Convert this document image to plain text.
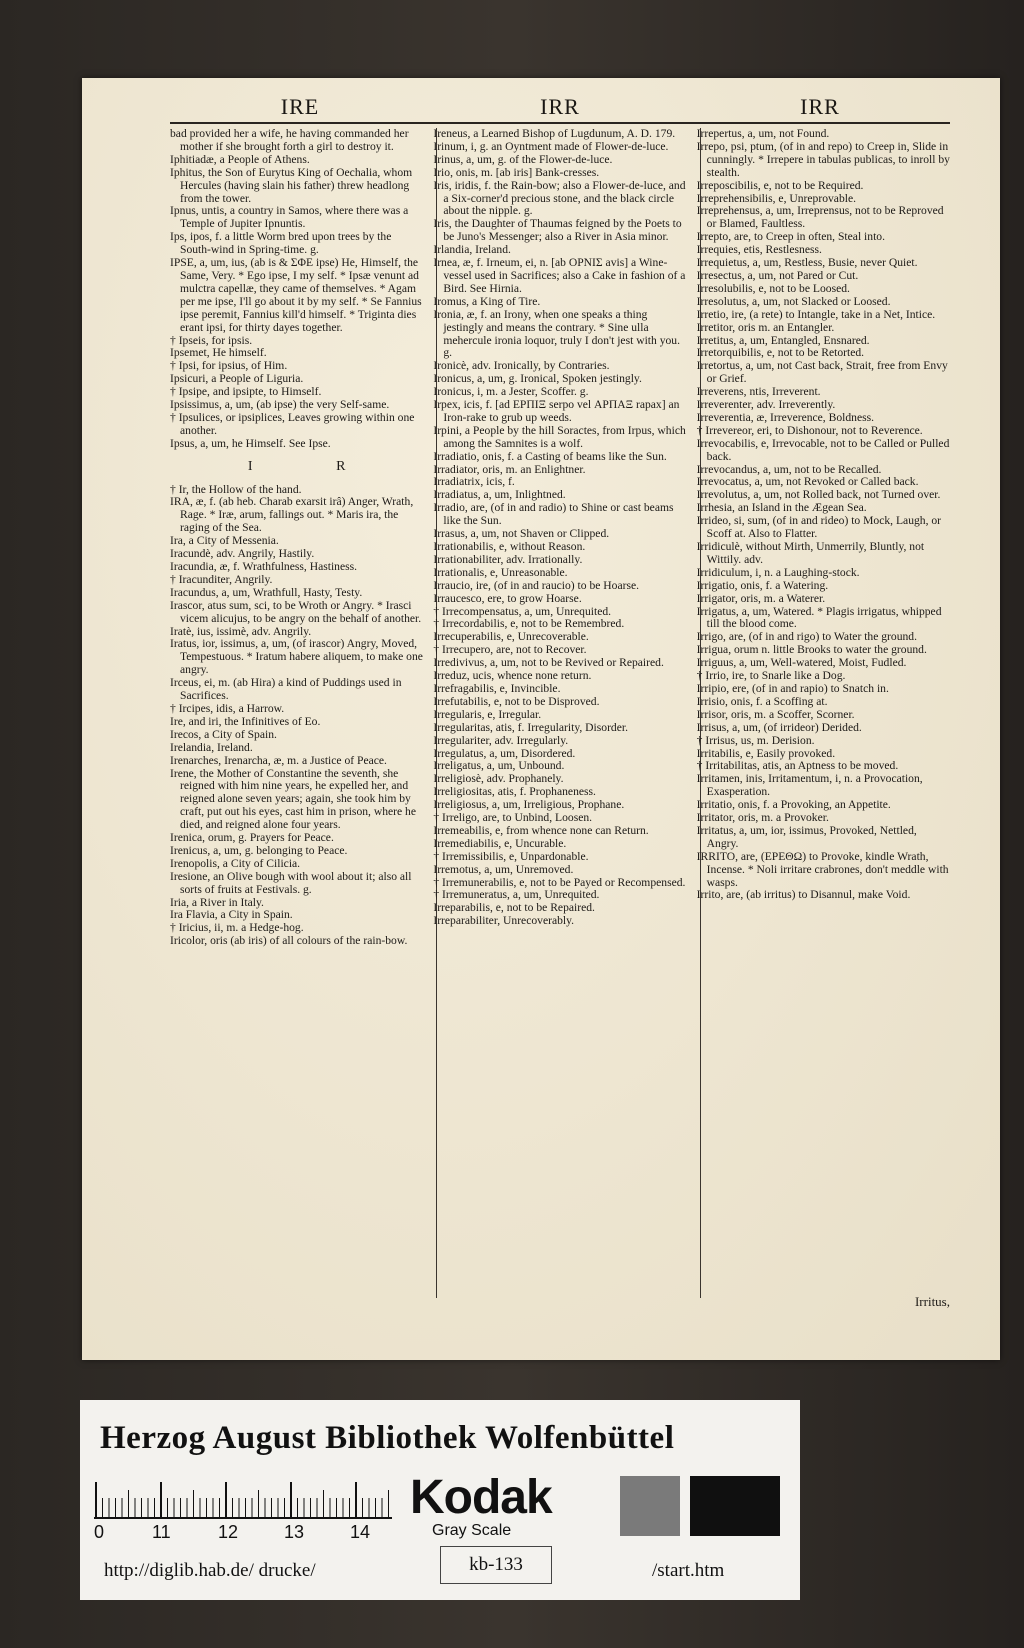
IRE	IRR	IRR

bad provided her a wife, he having commanded her mother if she brought forth a girl to destroy it.

Iphitiadæ, a People of Athens.

Iphitus, the Son of Eurytus King of Oechalia, whom Hercules (having slain his father) threw headlong from the tower.

Ipnus, untis, a country in Samos, where there was a Temple of Jupiter Ipnuntis.

Ips, ipos, f. a little Worm bred upon trees by the South-wind in Spring-time. g.

IPSE, a, um, ius, (ab is & ΣΦΕ ipse) He, Himself, the Same, Very. * Ego ipse, I my self. * Ipsæ venunt ad mulctra capellæ, they came of themselves. * Agam per me ipse, I'll go about it by my self. * Se Fannius ipse peremit, Fannius kill'd himself. * Triginta dies erant ipsi, for thirty dayes together.

† Ipseis, for ipsis.

Ipsemet, He himself.

† Ipsi, for ipsius, of Him.

Ipsicuri, a People of Liguria.

† Ipsipe, and ipsipte, to Himself.

Ipsissimus, a, um, (ab ipse) the very Self-same.

† Ipsulices, or ipsiplices, Leaves growing within one another.

Ipsus, a, um, he Himself. See Ipse.

I R

† Ir, the Hollow of the hand.

IRA, æ, f. (ab heb. Charab exarsit irâ) Anger, Wrath, Rage. * Iræ, arum, fallings out. * Maris ira, the raging of the Sea.

Ira, a City of Messenia.

Iracundè, adv. Angrily, Hastily.

Iracundia, æ, f. Wrathfulness, Hastiness.

† Iracunditer, Angrily.

Iracundus, a, um, Wrathfull, Hasty, Testy.

Irascor, atus sum, sci, to be Wroth or Angry. * Irasci vicem alicujus, to be angry on the behalf of another.

Iratè, ius, issimè, adv. Angrily.

Iratus, ior, issimus, a, um, (of irascor) Angry, Moved, Tempestuous. * Iratum habere aliquem, to make one angry.

Irceus, ei, m. (ab Hira) a kind of Puddings used in Sacrifices.

† Ircipes, idis, a Harrow.

Ire, and iri, the Infinitives of Eo.

Irecos, a City of Spain.

Irelandia, Ireland.

Irenarches, Irenarcha, æ, m. a Justice of Peace.

Irene, the Mother of Constantine the seventh, she reigned with him nine years, he expelled her, and reigned alone seven years; again, she took him by craft, put out his eyes, cast him in prison, where he died, and reigned alone four years.

Irenica, orum, g. Prayers for Peace.

Irenicus, a, um, g. belonging to Peace.

Irenopolis, a City of Cilicia.

Iresione, an Olive bough with wool about it; also all sorts of fruits at Festivals. g.

Iria, a River in Italy.

Ira Flavia, a City in Spain.

† Iricius, ii, m. a Hedge-hog.

Iricolor, oris (ab iris) of all colours of the rain-bow.

Ireneus, a Learned Bishop of Lugdunum, A. D. 179.

Irinum, i, g. an Oyntment made of Flower-de-luce.

Irinus, a, um, g. of the Flower-de-luce.

Irio, onis, m. [ab iris] Bank-cresses.

Iris, iridis, f. the Rain-bow; also a Flower-de-luce, and a Six-corner'd precious stone, and the black circle about the nipple. g.

Iris, the Daughter of Thaumas feigned by the Poets to be Juno's Messenger; also a River in Asia minor.

Irlandia, Ireland.

Irnea, æ, f. Irneum, ei, n. [ab ΟΡΝΙΣ avis] a Wine-vessel used in Sacrifices; also a Cake in fashion of a Bird. See Hirnia.

Iromus, a King of Tire.

Ironia, æ, f. an Irony, when one speaks a thing jestingly and means the contrary. * Sine ulla mehercule ironia loquor, truly I don't jest with you. g.

Ironicè, adv. Ironically, by Contraries.

Ironicus, a, um, g. Ironical, Spoken jestingly.

Ironicus, i, m. a Jester, Scoffer. g.

Irpex, icis, f. [ad ΕΡΠΙΞ serpo vel ΑΡΠΑΞ rapax] an Iron-rake to grub up weeds.

Irpini, a People by the hill Soractes, from Irpus, which among the Samnites is a wolf.

Irradiatio, onis, f. a Casting of beams like the Sun.

Irradiator, oris, m. an Enlightner.

Irradiatrix, icis, f.

Irradiatus, a, um, Inlightned.

Irradio, are, (of in and radio) to Shine or cast beams like the Sun.

Irrasus, a, um, not Shaven or Clipped.

Irrationabilis, e, without Reason.

Irrationabiliter, adv. Irrationally.

Irrationalis, e, Unreasonable.

Irraucio, ire, (of in and raucio) to be Hoarse.

Irraucesco, ere, to grow Hoarse.

† Irrecompensatus, a, um, Unrequited.

† Irrecordabilis, e, not to be Remembred.

Irrecuperabilis, e, Unrecoverable.

† Irrecupero, are, not to Recover.

Irredivivus, a, um, not to be Revived or Repaired.

Irreduz, ucis, whence none return.

Irrefragabilis, e, Invincible.

Irrefutabilis, e, not to be Disproved.

Irregularis, e, Irregular.

Irregularitas, atis, f. Irregularity, Disorder.

Irregulariter, adv. Irregularly.

Irregulatus, a, um, Disordered.

Irreligatus, a, um, Unbound.

Irreligiosè, adv. Prophanely.

Irreligiositas, atis, f. Prophaneness.

Irreligiosus, a, um, Irreligious, Prophane.

† Irreligo, are, to Unbind, Loosen.

Irremeabilis, e, from whence none can Return.

Irremediabilis, e, Uncurable.

† Irremissibilis, e, Unpardonable.

Irremotus, a, um, Unremoved.

† Irremunerabilis, e, not to be Payed or Recompensed.

† Irremuneratus, a, um, Unrequited.

Irreparabilis, e, not to be Repaired.

Irreparabiliter, Unrecoverably.

Irrepertus, a, um, not Found.

Irrepo, psi, ptum, (of in and repo) to Creep in, Slide in cunningly. * Irrepere in tabulas publicas, to inroll by stealth.

Irreposcibilis, e, not to be Required.

Irreprehensibilis, e, Unreprovable.

Irreprehensus, a, um, Irreprensus, not to be Reproved or Blamed, Faultless.

Irrepto, are, to Creep in often, Steal into.

Irrequies, etis, Restlesness.

Irrequietus, a, um, Restless, Busie, never Quiet.

Irresectus, a, um, not Pared or Cut.

Irresolubilis, e, not to be Loosed.

Irresolutus, a, um, not Slacked or Loosed.

Irretio, ire, (a rete) to Intangle, take in a Net, Intice.

Irretitor, oris m. an Entangler.

Irretitus, a, um, Entangled, Ensnared.

Irretorquibilis, e, not to be Retorted.

Irretortus, a, um, not Cast back, Strait, free from Envy or Grief.

Irreverens, ntis, Irreverent.

Irreverenter, adv. Irreverently.

Irreverentia, æ, Irreverence, Boldness.

† Irrevereor, eri, to Dishonour, not to Reverence.

Irrevocabilis, e, Irrevocable, not to be Called or Pulled back.

Irrevocandus, a, um, not to be Recalled.

Irrevocatus, a, um, not Revoked or Called back.

Irrevolutus, a, um, not Rolled back, not Turned over.

Irrhesia, an Island in the Ægean Sea.

Irrideo, si, sum, (of in and rideo) to Mock, Laugh, or Scoff at. Also to Flatter.

Irridiculè, without Mirth, Unmerrily, Bluntly, not Wittily. adv.

Irridiculum, i, n. a Laughing-stock.

Irrigatio, onis, f. a Watering.

Irrigator, oris, m. a Waterer.

Irrigatus, a, um, Watered. * Plagis irrigatus, whipped till the blood come.

Irrigo, are, (of in and rigo) to Water the ground.

Irrigua, orum n. little Brooks to water the ground.

Irriguus, a, um, Well-watered, Moist, Fudled.

† Irrio, ire, to Snarle like a Dog.

Irripio, ere, (of in and rapio) to Snatch in.

Irrisio, onis, f. a Scoffing at.

Irrisor, oris, m. a Scoffer, Scorner.

Irrisus, a, um, (of irrideor) Derided.

† Irrisus, us, m. Derision.

Irritabilis, e, Easily provoked.

† Irritabilitas, atis, an Aptness to be moved.

Irritamen, inis, Irritamentum, i, n. a Provocation, Exasperation.

Irritatio, onis, f. a Provoking, an Appetite.

Irritator, oris, m. a Provoker.

Irritatus, a, um, ior, issimus, Provoked, Nettled, Angry.

IRRITO, are, (ΕΡΕΘΩ) to Provoke, kindle Wrath, Incense. * Noli irritare crabrones, don't meddle with wasps.

Irrito, are, (ab irritus) to Disannul, make Void.

Irritus,
Herzog August Bibliothek Wolfenbüttel
0	11	12	13	14
Kodak
Gray Scale
http://diglib.hab.de/ drucke/	kb-133	/start.htm
